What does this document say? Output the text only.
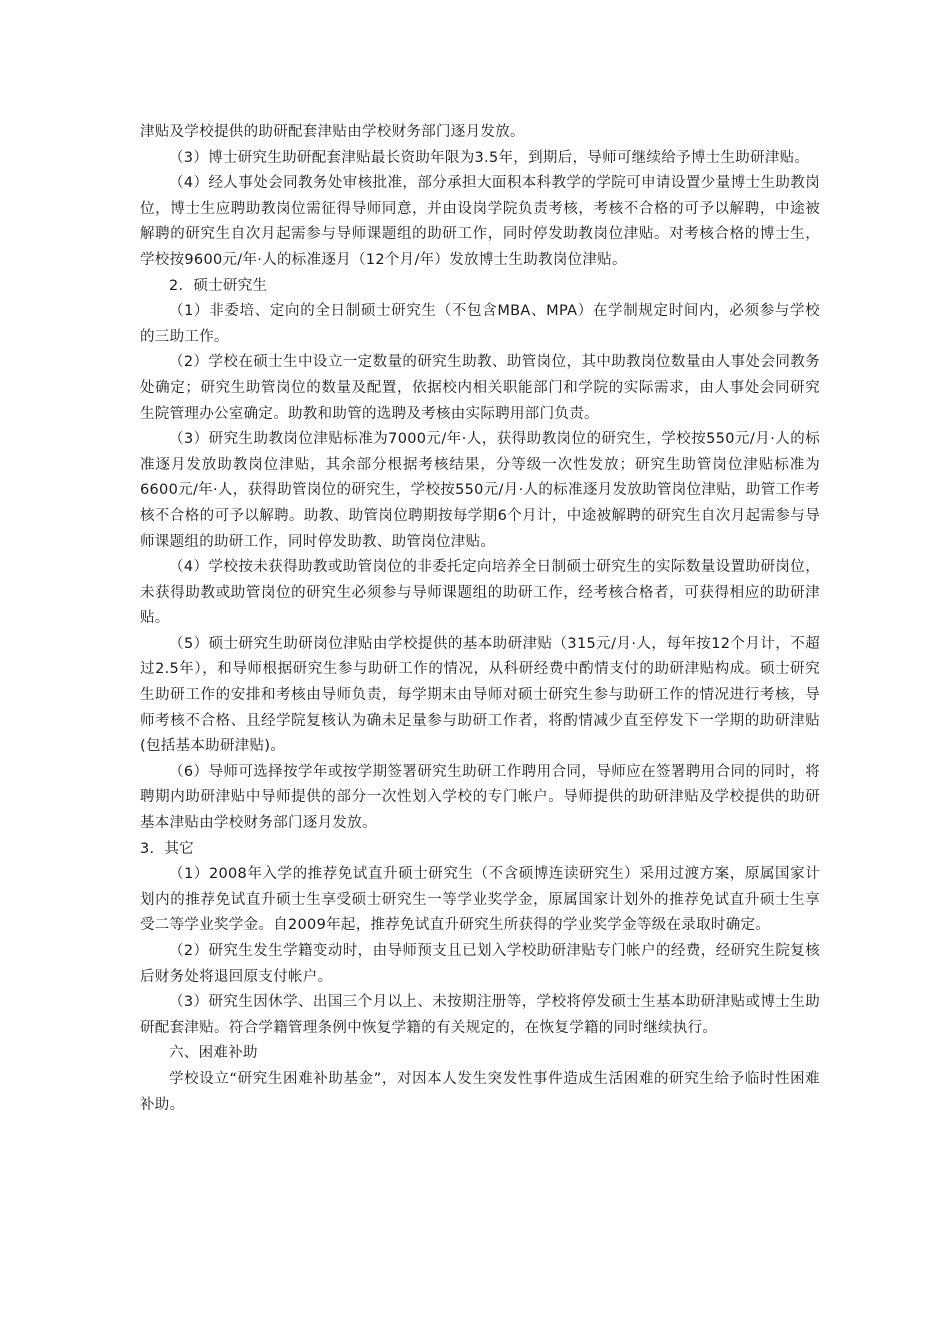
津贴及学校提供的助研配套津贴由学校财务部门逐月发放。

（3）博士研究生助研配套津贴最长资助年限为3.5年，到期后，导师可继续给予博士生助研津贴。

（4）经人事处会同教务处审核批准，部分承担大面积本科教学的学院可申请设置少量博士生助教岗位，博士生应聘助教岗位需征得导师同意，并由设岗学院负责考核，考核不合格的可予以解聘，中途被解聘的研究生自次月起需参与导师课题组的助研工作，同时停发助教岗位津贴。对考核合格的博士生，学校按9600元/年·人的标准逐月（12个月/年）发放博士生助教岗位津贴。

2．硕士研究生

（1）非委培、定向的全日制硕士研究生（不包含MBA、MPA）在学制规定时间内，必须参与学校的三助工作。

（2）学校在硕士生中设立一定数量的研究生助教、助管岗位，其中助教岗位数量由人事处会同教务处确定；研究生助管岗位的数量及配置，依据校内相关职能部门和学院的实际需求，由人事处会同研究生院管理办公室确定。助教和助管的选聘及考核由实际聘用部门负责。

（3）研究生助教岗位津贴标准为7000元/年·人，获得助教岗位的研究生，学校按550元/月·人的标准逐月发放助教岗位津贴，其余部分根据考核结果，分等级一次性发放；研究生助管岗位津贴标准为6600元/年·人，获得助管岗位的研究生，学校按550元/月·人的标准逐月发放助管岗位津贴，助管工作考核不合格的可予以解聘。助教、助管岗位聘期按每学期6个月计，中途被解聘的研究生自次月起需参与导师课题组的助研工作，同时停发助教、助管岗位津贴。

（4）学校按未获得助教或助管岗位的非委托定向培养全日制硕士研究生的实际数量设置助研岗位，未获得助教或助管岗位的研究生必须参与导师课题组的助研工作，经考核合格者，可获得相应的助研津贴。

（5）硕士研究生助研岗位津贴由学校提供的基本助研津贴（315元/月·人，每年按12个月计，不超过2.5年），和导师根据研究生参与助研工作的情况，从科研经费中酌情支付的助研津贴构成。硕士研究生助研工作的安排和考核由导师负责，每学期末由导师对硕士研究生参与助研工作的情况进行考核，导师考核不合格、且经学院复核认为确未足量参与助研工作者，将酌情减少直至停发下一学期的助研津贴(包括基本助研津贴)。

（6）导师可选择按学年或按学期签署研究生助研工作聘用合同，导师应在签署聘用合同的同时，将聘期内助研津贴中导师提供的部分一次性划入学校的专门帐户。导师提供的助研津贴及学校提供的助研基本津贴由学校财务部门逐月发放。

3．其它

（1）2008年入学的推荐免试直升硕士研究生（不含硕博连读研究生）采用过渡方案，原属国家计划内的推荐免试直升硕士生享受硕士研究生一等学业奖学金，原属国家计划外的推荐免试直升硕士生享受二等学业奖学金。自2009年起，推荐免试直升研究生所获得的学业奖学金等级在录取时确定。

（2）研究生发生学籍变动时，由导师预支且已划入学校助研津贴专门帐户的经费，经研究生院复核后财务处将退回原支付帐户。

（3）研究生因休学、出国三个月以上、未按期注册等，学校将停发硕士生基本助研津贴或博士生助研配套津贴。符合学籍管理条例中恢复学籍的有关规定的，在恢复学籍的同时继续执行。

六、困难补助

学校设立“研究生困难补助基金”，对因本人发生突发性事件造成生活困难的研究生给予临时性困难补助。
